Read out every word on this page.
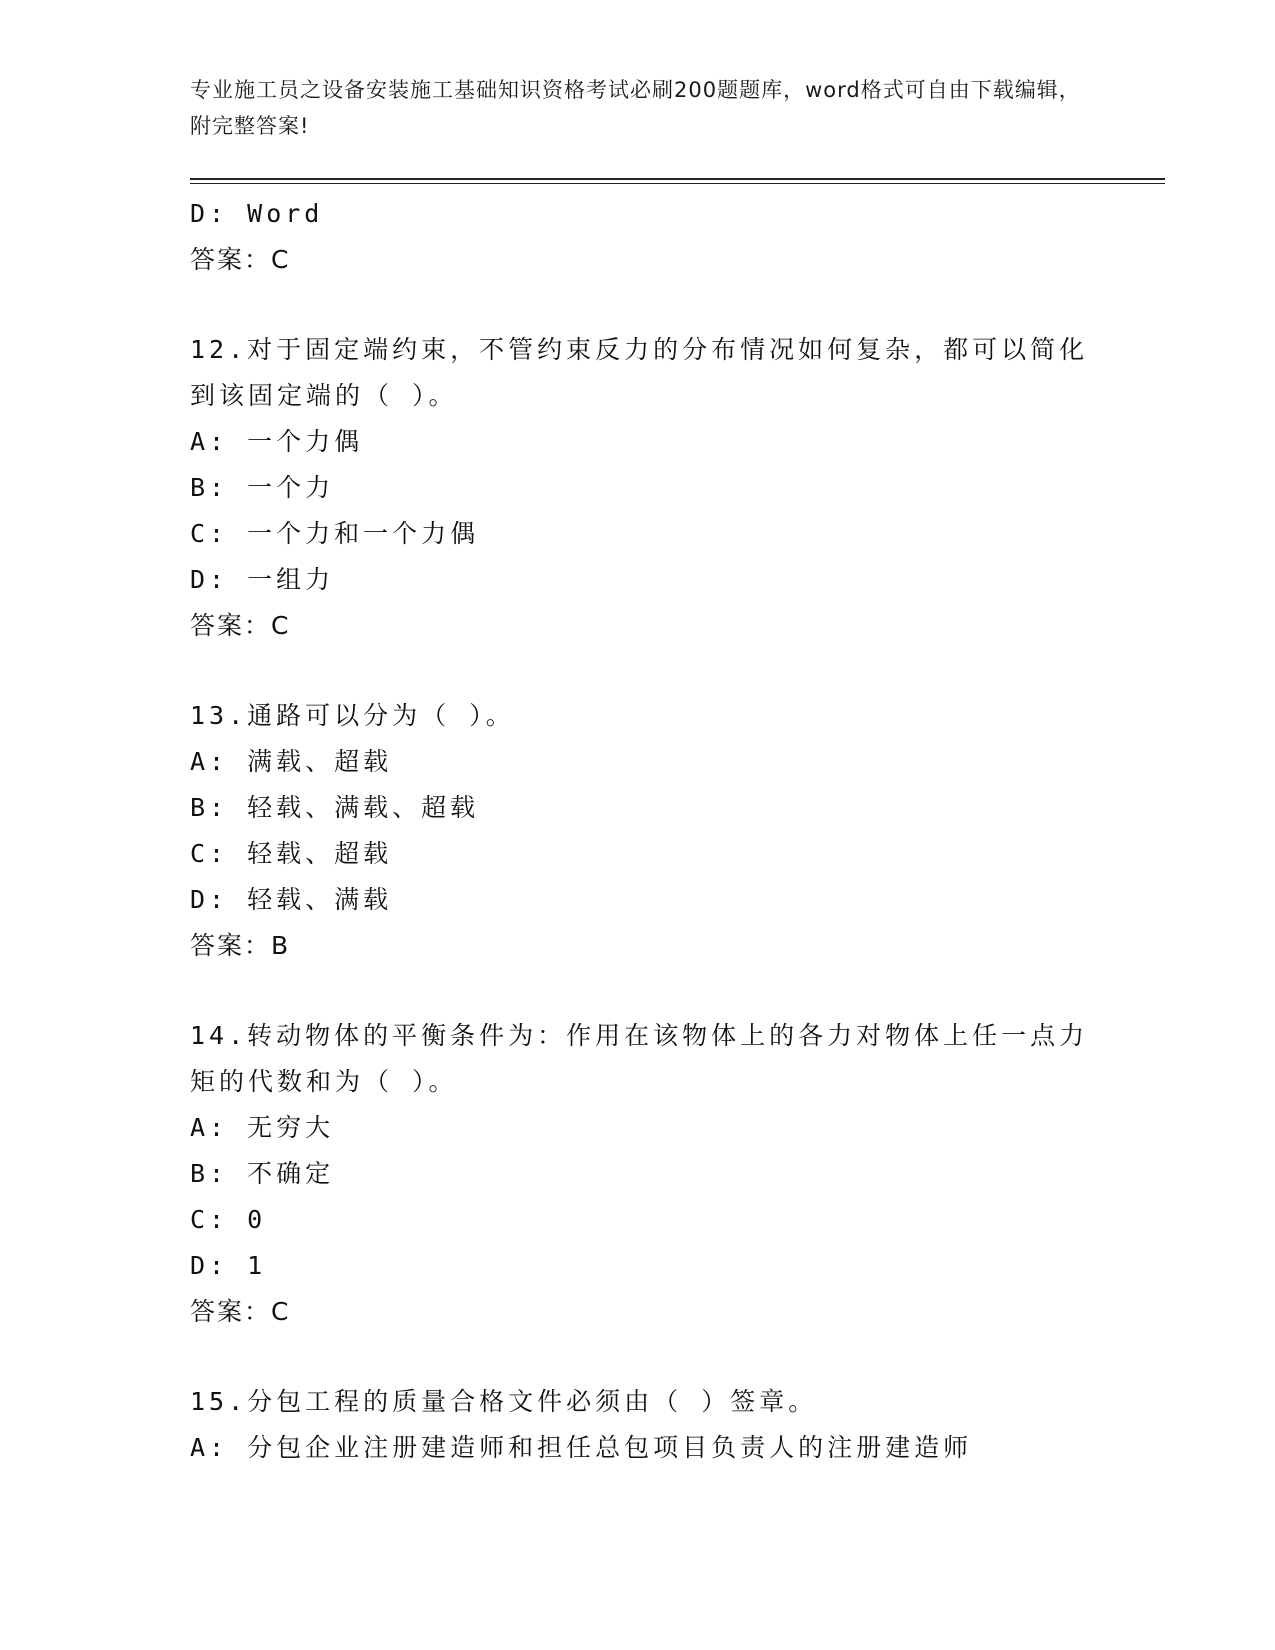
专业施工员之设备安装施工基础知识资格考试必刷200题题库，word格式可自由下载编辑，附完整答案!
D: Word
答案：C
12.对于固定端约束，不管约束反力的分布情况如何复杂，都可以简化到该固定端的（ ）。
A: 一个力偶
B: 一个力
C: 一个力和一个力偶
D: 一组力
答案：C
13.通路可以分为（ ）。
A: 满载、超载
B: 轻载、满载、超载
C: 轻载、超载
D: 轻载、满载
答案：B
14.转动物体的平衡条件为：作用在该物体上的各力对物体上任一点力矩的代数和为（ ）。
A: 无穷大
B: 不确定
C: 0
D: 1
答案：C
15.分包工程的质量合格文件必须由（ ）签章。
A: 分包企业注册建造师和担任总包项目负责人的注册建造师
